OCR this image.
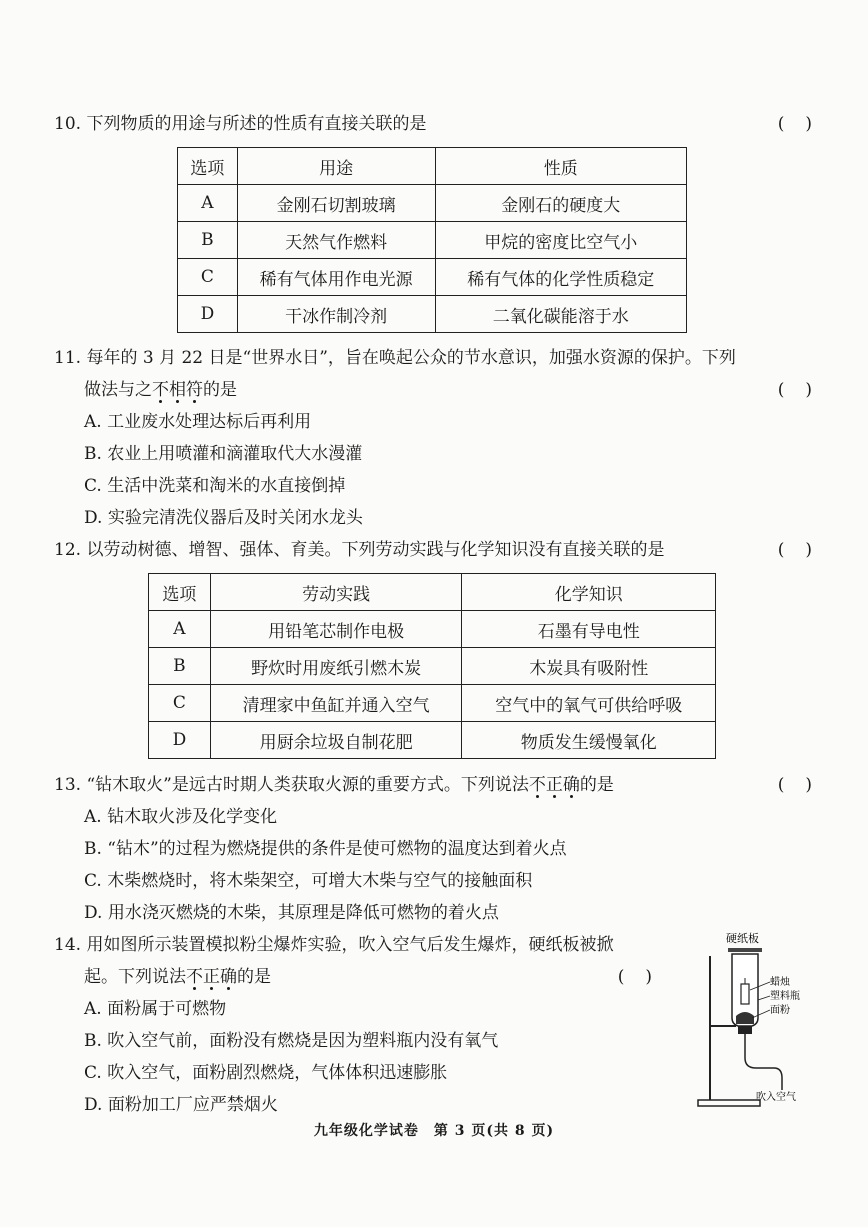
10. 下列物质的用途与所述的性质有直接关联的是	(　)
选项	用途	性质
A	金刚石切割玻璃	金刚石的硬度大
B	天然气作燃料	甲烷的密度比空气小
C	稀有气体用作电光源	稀有气体的化学性质稳定
D	干冰作制冷剂	二氧化碳能溶于水
11. 每年的 3 月 22 日是“世界水日”，旨在唤起公众的节水意识，加强水资源的保护。下列
做法与之不相符的是	(　)
A. 工业废水处理达标后再利用
B. 农业上用喷灌和滴灌取代大水漫灌
C. 生活中洗菜和淘米的水直接倒掉
D. 实验完清洗仪器后及时关闭水龙头
12. 以劳动树德、增智、强体、育美。下列劳动实践与化学知识没有直接关联的是	(　)
选项	劳动实践	化学知识
A	用铅笔芯制作电极	石墨有导电性
B	野炊时用废纸引燃木炭	木炭具有吸附性
C	清理家中鱼缸并通入空气	空气中的氧气可供给呼吸
D	用厨余垃圾自制花肥	物质发生缓慢氧化
13. “钻木取火”是远古时期人类获取火源的重要方式。下列说法不正确的是	(　)
A. 钻木取火涉及化学变化
B. “钻木”的过程为燃烧提供的条件是使可燃物的温度达到着火点
C. 木柴燃烧时，将木柴架空，可增大木柴与空气的接触面积
D. 用水浇灭燃烧的木柴，其原理是降低可燃物的着火点
14. 用如图所示装置模拟粉尘爆炸实验，吹入空气后发生爆炸，硬纸板被掀
起。下列说法不正确的是	(　)
A. 面粉属于可燃物
B. 吹入空气前，面粉没有燃烧是因为塑料瓶内没有氧气
C. 吹入空气，面粉剧烈燃烧，气体体积迅速膨胀
D. 面粉加工厂应严禁烟火
硬纸板
蜡烛
塑料瓶
面粉
吹入空气
九年级化学试卷　第 3 页(共 8 页)
